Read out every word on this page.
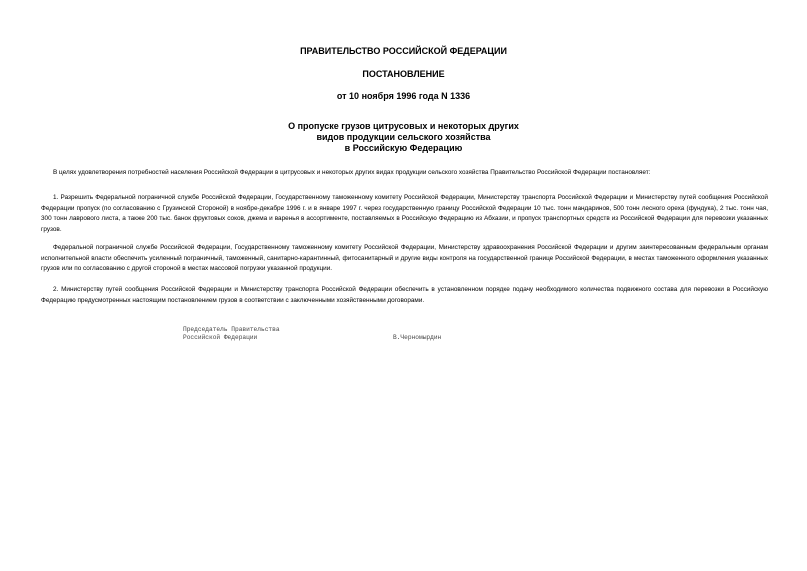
ПРАВИТЕЛЬСТВО РОССИЙСКОЙ ФЕДЕРАЦИИ

ПОСТАНОВЛЕНИЕ

от 10 ноября 1996 года N 1336

О пропуске грузов цитрусовых и некоторых других
видов продукции сельского хозяйства
в Российскую Федерацию

В целях удовлетворения потребностей населения Российской Федерации в цитрусовых и некоторых других видах продукции сельского хозяйства Правительство Российской Федерации постановляет:

1. Разрешить Федеральной пограничной службе Российской Федерации, Государственному таможенному комитету Российской Федерации, Министерству транспорта Российской Федерации и Министерству путей сообщения Российской Федерации пропуск (по согласованию с Грузинской Стороной) в ноябре-декабре 1996 г. и в январе 1997 г. через государственную границу Российской Федерации 10 тыс. тонн мандаринов, 500 тонн лесного ореха (фундука), 2 тыс. тонн чая, 300 тонн лаврового листа, а также 200 тыс. банок фруктовых соков, джема и варенья в ассортименте, поставляемых в Российскую Федерацию из Абхазии, и пропуск транспортных средств из Российской Федерации для перевозки указанных грузов.

Федеральной пограничной службе Российской Федерации, Государственному таможенному комитету Российской Федерации, Министерству здравоохранения Российской Федерации и другим заинтересованным федеральным органам исполнительной власти обеспечить усиленный пограничный, таможенный, санитарно-карантинный, фитосанитарный и другие виды контроля на государственной границе Российской Федерации, в местах таможенного оформления указанных грузов или по согласованию с другой стороной в местах массовой погрузки указанной продукции.

2. Министерству путей сообщения Российской Федерации и Министерству транспорта Российской Федерации обеспечить в установленном порядке подачу необходимого количества подвижного состава для перевозки в Российскую Федерацию предусмотренных настоящим постановлением грузов в соответствии с заключенными хозяйственными договорами.

Председатель Правительства

Российской Федерации	В.Черномырдин
